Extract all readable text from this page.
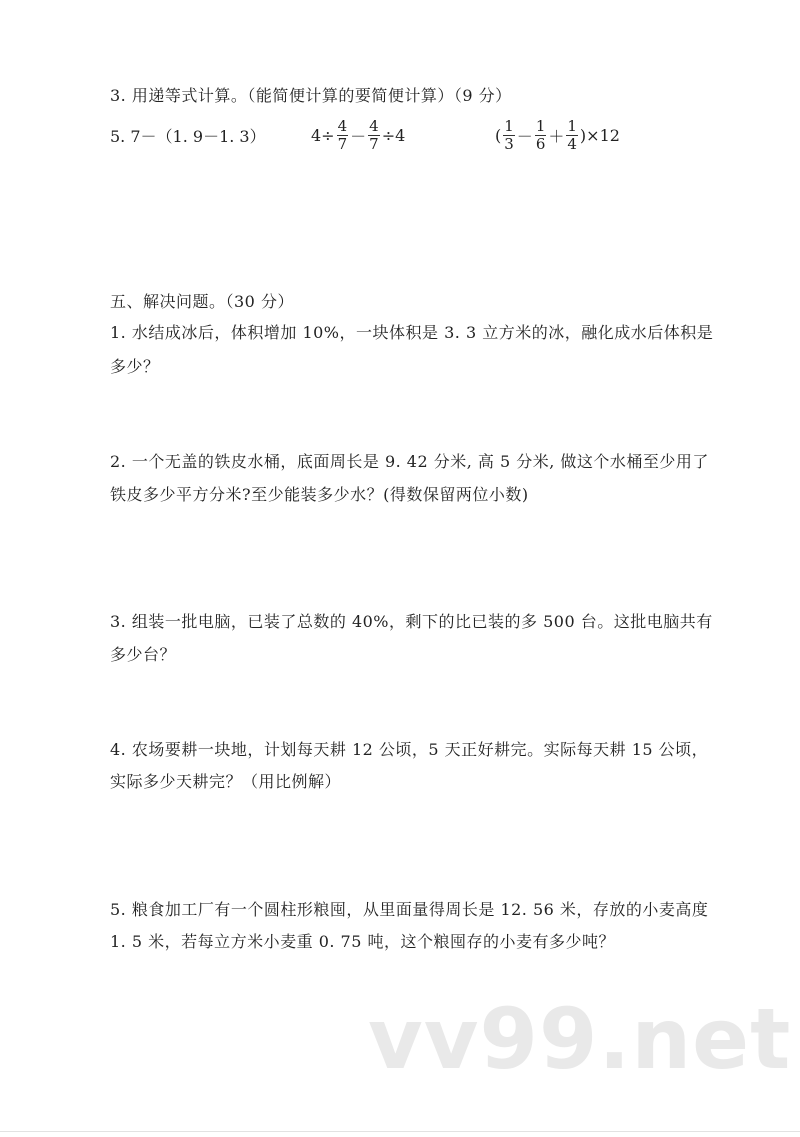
3. 用递等式计算。（能简便计算的要简便计算）（9 分）
5. 7－（1. 9－1. 3）	$4\div \frac{4}{7} - \frac{4}{7} \div 4$	( $\frac{1}{3} - \frac{1}{6} + \frac{1}{4} )\times 12$
五、解决问题。（30 分）
1. 水结成冰后，体积增加 10%，一块体积是 3. 3 立方米的冰，融化成水后体积是
多少？
2. 一个无盖的铁皮水桶，底面周长是 9. 42 分米, 高 5 分米, 做这个水桶至少用了
铁皮多少平方分米?至少能装多少水？(得数保留两位小数)
3. 组装一批电脑，已装了总数的 40%，剩下的比已装的多 500 台。这批电脑共有
多少台？
4. 农场要耕一块地，计划每天耕 12 公顷，5 天正好耕完。实际每天耕 15 公顷，
实际多少天耕完？（用比例解）
5. 粮食加工厂有一个圆柱形粮囤，从里面量得周长是 12. 56 米，存放的小麦高度
1. 5 米，若每立方米小麦重 0. 75 吨，这个粮囤存的小麦有多少吨？
vv99.net
